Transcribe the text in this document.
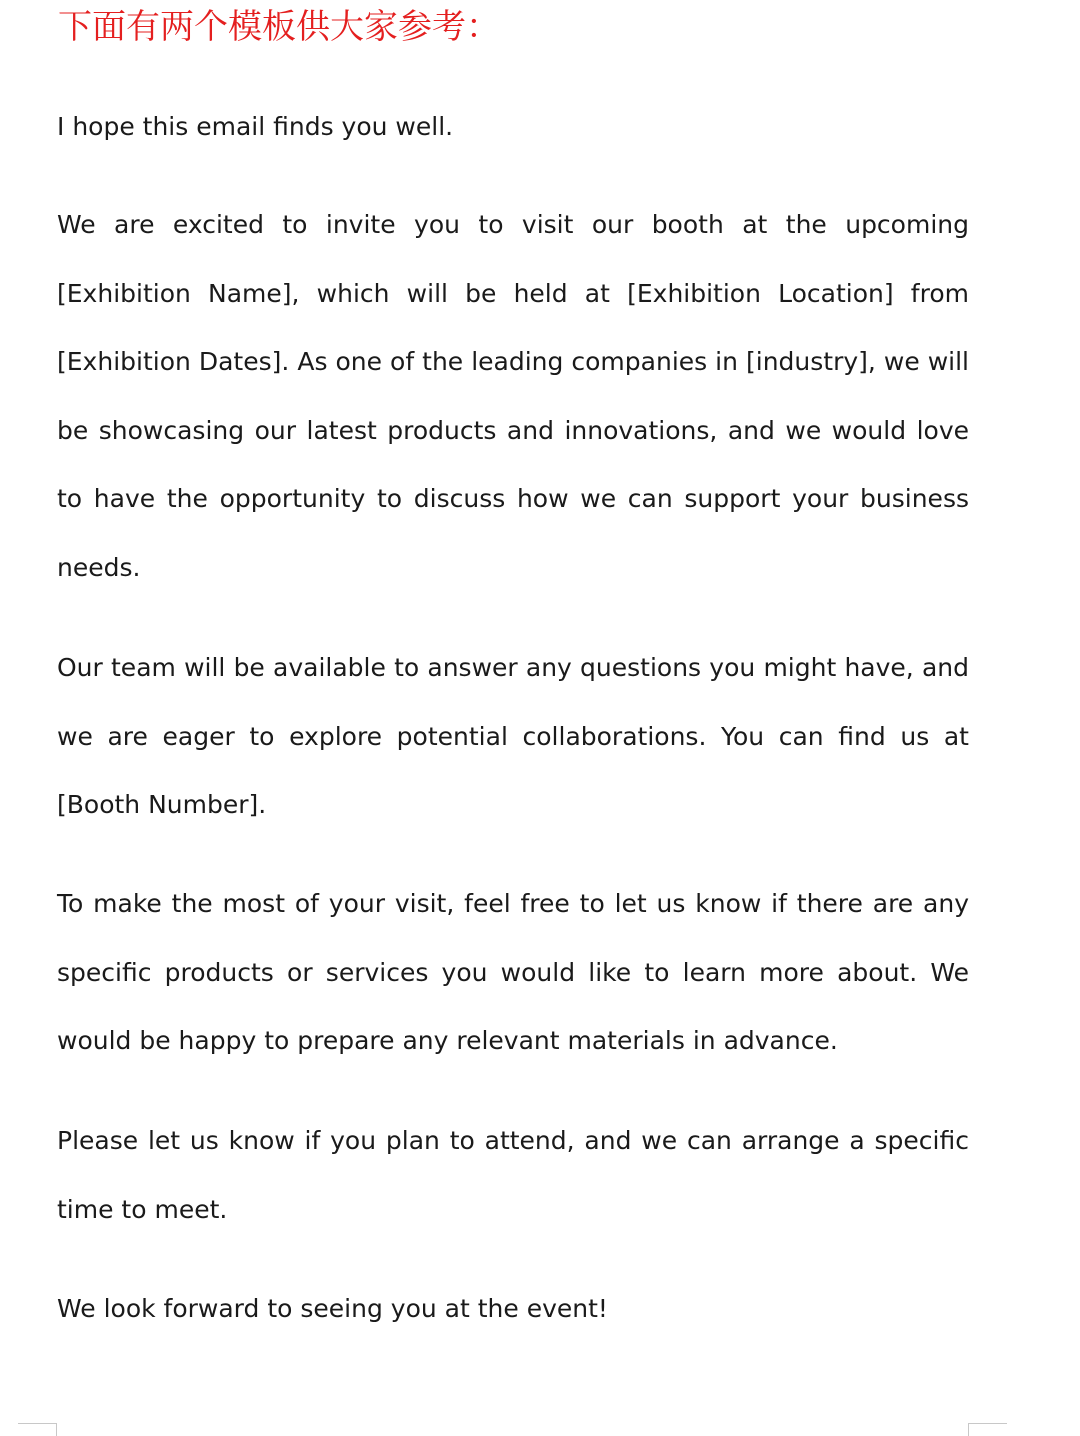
下面有两个模板供大家参考：

I hope this email finds you well.

We are excited to invite you to visit our booth at the upcoming [Exhibition Name], which will be held at [Exhibition Location] from [Exhibition Dates]. As one of the leading companies in [industry], we will be showcasing our latest products and innovations, and we would love to have the opportunity to discuss how we can support your business needs.

Our team will be available to answer any questions you might have, and we are eager to explore potential collaborations. You can find us at [Booth Number].

To make the most of your visit, feel free to let us know if there are any specific products or services you would like to learn more about. We would be happy to prepare any relevant materials in advance.

Please let us know if you plan to attend, and we can arrange a specific time to meet.

We look forward to seeing you at the event!
